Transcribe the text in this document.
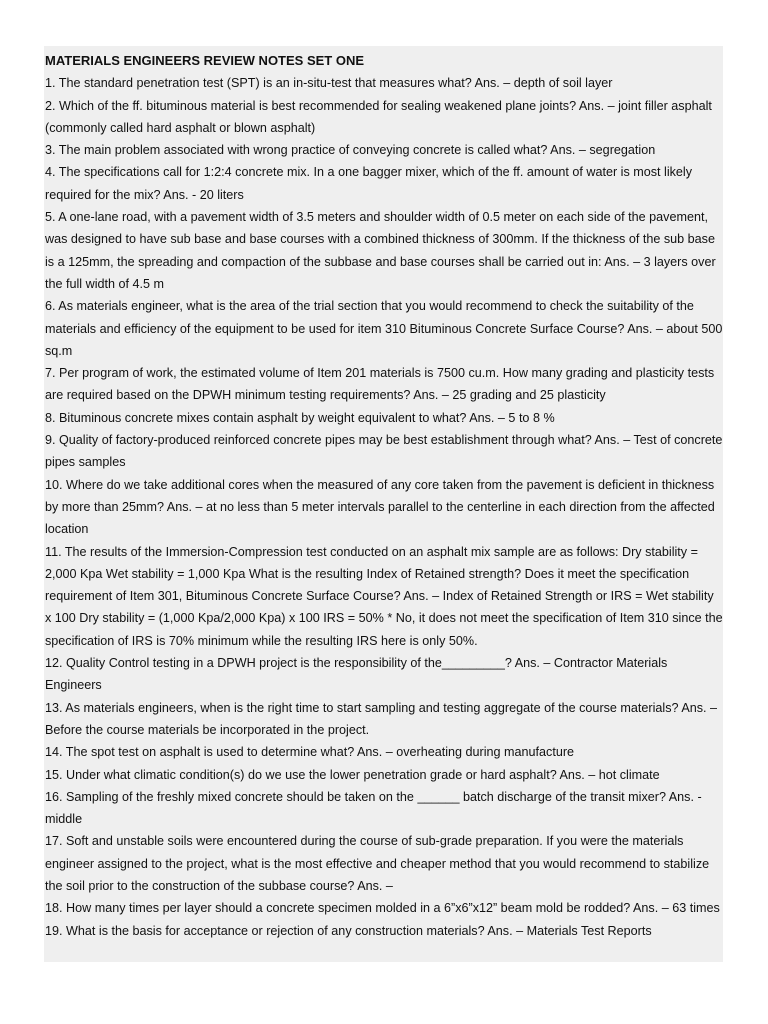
MATERIALS ENGINEERS REVIEW NOTES SET ONE
1. The standard penetration test (SPT) is an in-situ-test that measures what? Ans. – depth of soil layer
2. Which of the ff. bituminous material is best recommended for sealing weakened plane joints? Ans. – joint filler asphalt (commonly called hard asphalt or blown asphalt)
3. The main problem associated with wrong practice of conveying concrete is called what? Ans. – segregation
4. The specifications call for 1:2:4 concrete mix. In a one bagger mixer, which of the ff. amount of water is most likely required for the mix? Ans. - 20 liters
5. A one-lane road, with a pavement width of 3.5 meters and shoulder width of 0.5 meter on each side of the pavement, was designed to have sub base and base courses with a combined thickness of 300mm. If the thickness of the sub base is a 125mm, the spreading and compaction of the subbase and base courses shall be carried out in: Ans. – 3 layers over the full width of 4.5 m
6. As materials engineer, what is the area of the trial section that you would recommend to check the suitability of the materials and efficiency of the equipment to be used for item 310 Bituminous Concrete Surface Course? Ans. – about 500 sq.m
7. Per program of work, the estimated volume of Item 201 materials is 7500 cu.m. How many grading and plasticity tests are required based on the DPWH minimum testing requirements? Ans. – 25 grading and 25 plasticity
8. Bituminous concrete mixes contain asphalt by weight equivalent to what? Ans. – 5 to 8 %
9. Quality of factory-produced reinforced concrete pipes may be best establishment through what? Ans. – Test of concrete pipes samples
10. Where do we take additional cores when the measured of any core taken from the pavement is deficient in thickness by more than 25mm? Ans. – at no less than 5 meter intervals parallel to the centerline in each direction from the affected location
11. The results of the Immersion-Compression test conducted on an asphalt mix sample are as follows: Dry stability = 2,000 Kpa Wet stability = 1,000 Kpa What is the resulting Index of Retained strength? Does it meet the specification requirement of Item 301, Bituminous Concrete Surface Course? Ans. – Index of Retained Strength or IRS = Wet stability x 100 Dry stability = (1,000 Kpa/2,000 Kpa) x 100 IRS = 50% * No, it does not meet the specification of Item 310 since the specification of IRS is 70% minimum while the resulting IRS here is only 50%.
12. Quality Control testing in a DPWH project is the responsibility of the_________? Ans. – Contractor Materials Engineers
13. As materials engineers, when is the right time to start sampling and testing aggregate of the course materials? Ans. – Before the course materials be incorporated in the project.
14. The spot test on asphalt is used to determine what? Ans. – overheating during manufacture
15. Under what climatic condition(s) do we use the lower penetration grade or hard asphalt? Ans. – hot climate
16. Sampling of the freshly mixed concrete should be taken on the ______ batch discharge of the transit mixer? Ans. - middle
17. Soft and unstable soils were encountered during the course of sub-grade preparation. If you were the materials engineer assigned to the project, what is the most effective and cheaper method that you would recommend to stabilize the soil prior to the construction of the subbase course? Ans. –
18. How many times per layer should a concrete specimen molded in a 6”x6”x12” beam mold be rodded? Ans. – 63 times
19. What is the basis for acceptance or rejection of any construction materials? Ans. – Materials Test Reports
